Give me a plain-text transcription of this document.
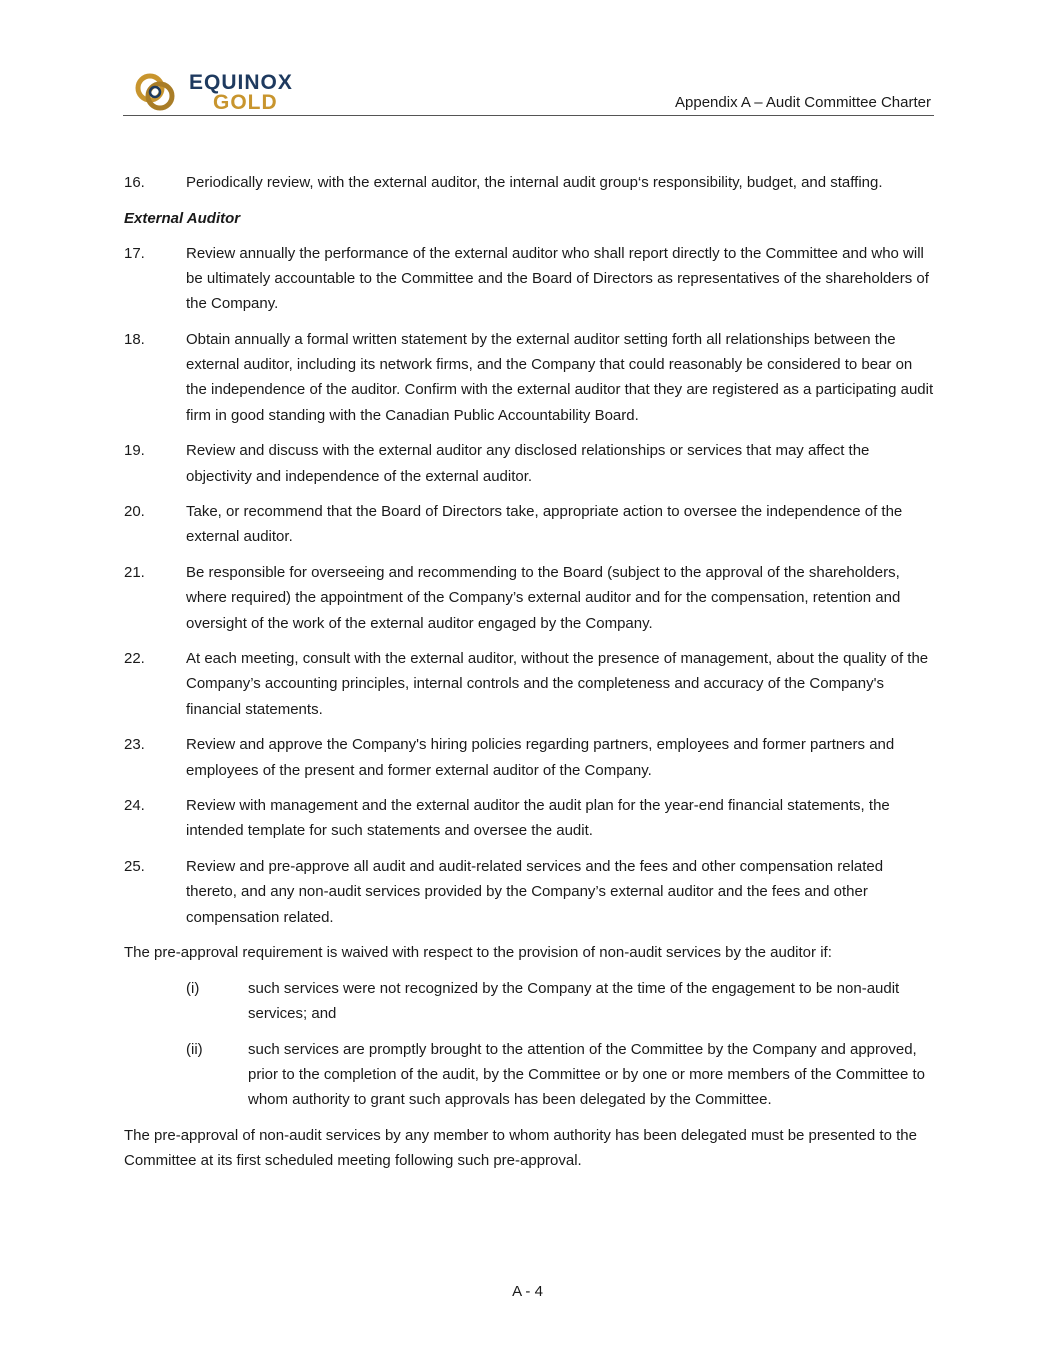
EQUINOX
GOLD	Appendix A – Audit Committee Charter
16.	Periodically review, with the external auditor, the internal audit group‘s responsibility, budget, and staffing.
External Auditor
17.	Review annually the performance of the external auditor who shall report directly to the Committee and who will be ultimately accountable to the Committee and the Board of Directors as representatives of the shareholders of the Company.
18.	Obtain annually a formal written statement by the external auditor setting forth all relationships between the external auditor, including its network firms, and the Company that could reasonably be considered to bear on the independence of the auditor. Confirm with the external auditor that they are registered as a participating audit firm in good standing with the Canadian Public Accountability Board.
19.	Review and discuss with the external auditor any disclosed relationships or services that may affect the objectivity and independence of the external auditor.
20.	Take, or recommend that the Board of Directors take, appropriate action to oversee the independence of the external auditor.
21.	Be responsible for overseeing and recommending to the Board (subject to the approval of the shareholders, where required) the appointment of the Company’s external auditor and for the compensation, retention and oversight of the work of the external auditor engaged by the Company.
22.	At each meeting, consult with the external auditor, without the presence of management, about the quality of the Company’s accounting principles, internal controls and the completeness and accuracy of the Company's financial statements.
23.	Review and approve the Company's hiring policies regarding partners, employees and former partners and employees of the present and former external auditor of the Company.
24.	Review with management and the external auditor the audit plan for the year-end financial statements, the intended template for such statements and oversee the audit.
25.	Review and pre-approve all audit and audit-related services and the fees and other compensation related thereto, and any non-audit services provided by the Company’s external auditor and the fees and other compensation related.
The pre-approval requirement is waived with respect to the provision of non-audit services by the auditor if:
(i)	such services were not recognized by the Company at the time of the engagement to be non-audit services; and
(ii)	such services are promptly brought to the attention of the Committee by the Company and approved, prior to the completion of the audit, by the Committee or by one or more members of the Committee to whom authority to grant such approvals has been delegated by the Committee.
The pre-approval of non-audit services by any member to whom authority has been delegated must be presented to the Committee at its first scheduled meeting following such pre-approval.
A - 4
